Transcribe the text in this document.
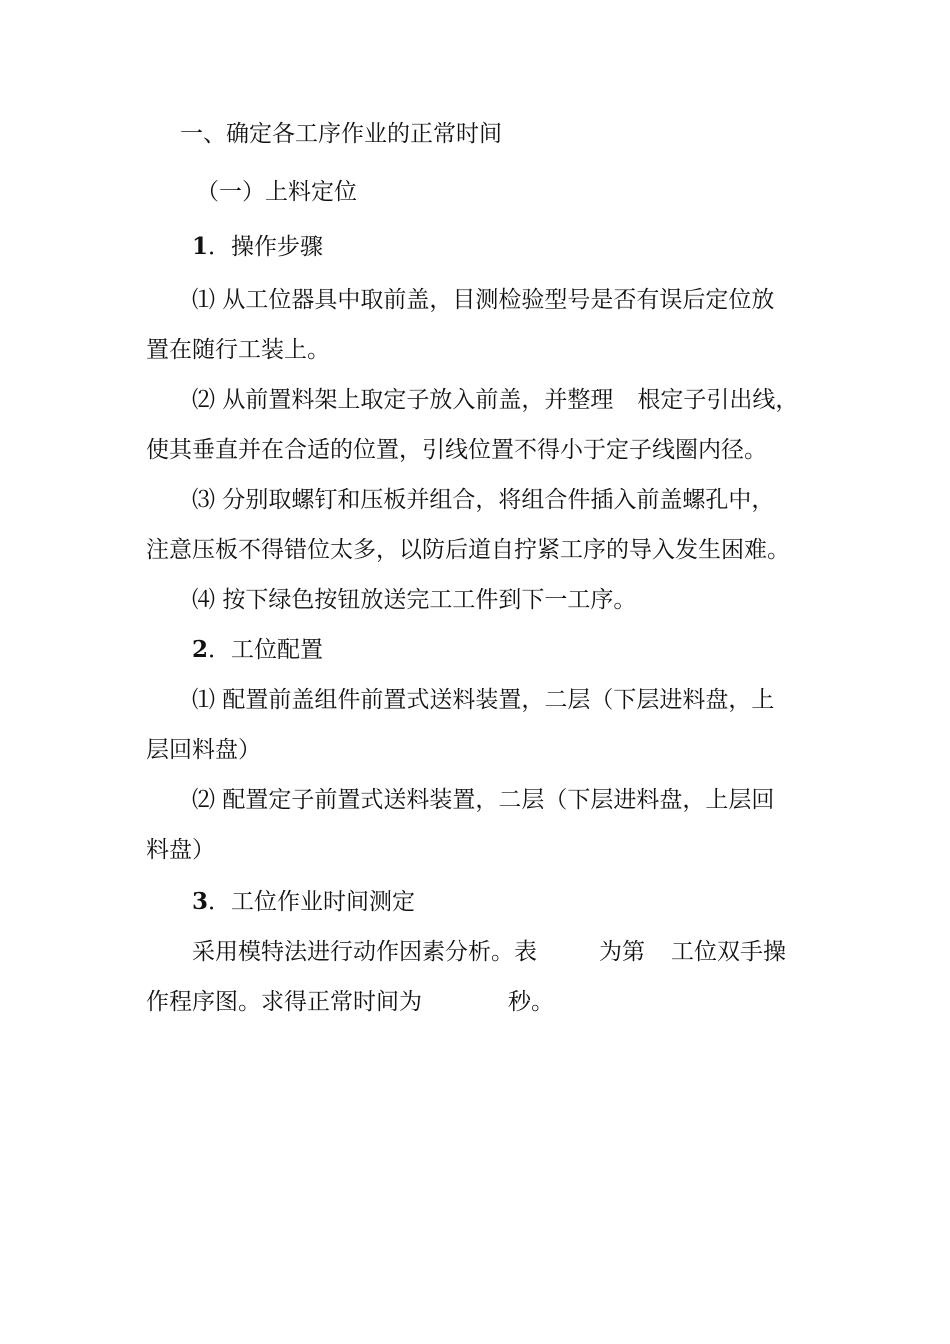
一、确定各工序作业的正常时间
（一）上料定位
1．操作步骤
⑴ 从工位器具中取前盖，目测检验型号是否有误后定位放
置在随行工装上。
⑵ 从前置料架上取定子放入前盖，并整理 根定子引出线，
使其垂直并在合适的位置，引线位置不得小于定子线圈内径。
⑶ 分别取螺钉和压板并组合，将组合件插入前盖螺孔中，
注意压板不得错位太多，以防后道自拧紧工序的导入发生困难。
⑷ 按下绿色按钮放送完工工件到下一工序。
2．工位配置
⑴ 配置前盖组件前置式送料装置，二层（下层进料盘，上
层回料盘）
⑵ 配置定子前置式送料装置，二层（下层进料盘，上层回
料盘）
3．工位作业时间测定
采用模特法进行动作因素分析。表	为第 工位双手操
作程序图。求得正常时间为	秒。
